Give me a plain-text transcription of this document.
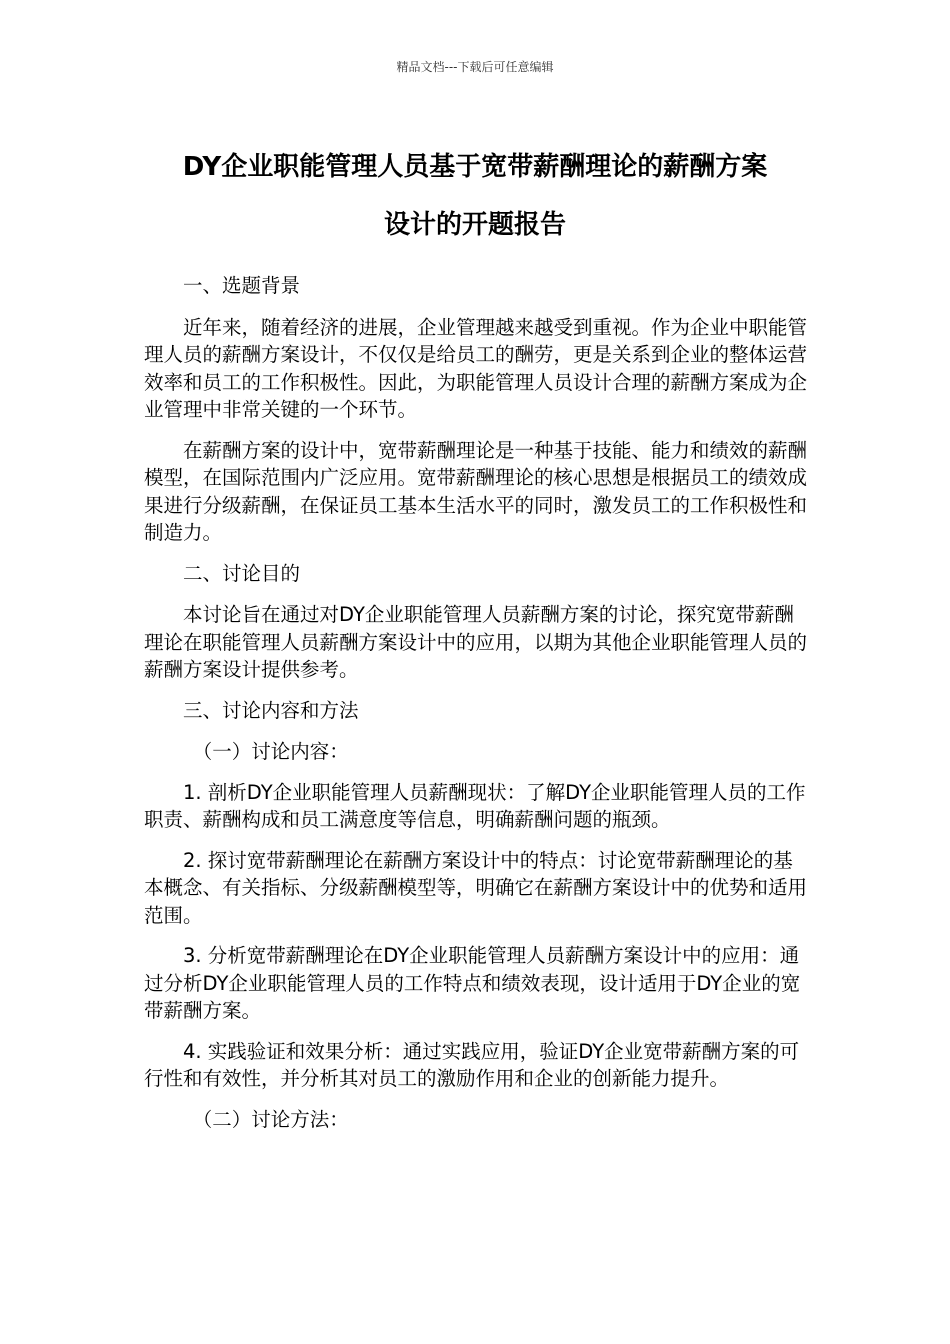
精品文档---下载后可任意编辑
DY企业职能管理人员基于宽带薪酬理论的薪酬方案
设计的开题报告

一、选题背景

近年来，随着经济的进展，企业管理越来越受到重视。作为企业中职能管理人员的薪酬方案设计，不仅仅是给员工的酬劳，更是关系到企业的整体运营效率和员工的工作积极性。因此，为职能管理人员设计合理的薪酬方案成为企业管理中非常关键的一个环节。

在薪酬方案的设计中，宽带薪酬理论是一种基于技能、能力和绩效的薪酬模型，在国际范围内广泛应用。宽带薪酬理论的核心思想是根据员工的绩效成果进行分级薪酬，在保证员工基本生活水平的同时，激发员工的工作积极性和制造力。

二、讨论目的

本讨论旨在通过对DY企业职能管理人员薪酬方案的讨论，探究宽带薪酬理论在职能管理人员薪酬方案设计中的应用，以期为其他企业职能管理人员的薪酬方案设计提供参考。

三、讨论内容和方法

（一）讨论内容：

1. 剖析DY企业职能管理人员薪酬现状：了解DY企业职能管理人员的工作职责、薪酬构成和员工满意度等信息，明确薪酬问题的瓶颈。

2. 探讨宽带薪酬理论在薪酬方案设计中的特点：讨论宽带薪酬理论的基本概念、有关指标、分级薪酬模型等，明确它在薪酬方案设计中的优势和适用范围。

3. 分析宽带薪酬理论在DY企业职能管理人员薪酬方案设计中的应用：通过分析DY企业职能管理人员的工作特点和绩效表现，设计适用于DY企业的宽带薪酬方案。

4. 实践验证和效果分析：通过实践应用，验证DY企业宽带薪酬方案的可行性和有效性，并分析其对员工的激励作用和企业的创新能力提升。

（二）讨论方法：
